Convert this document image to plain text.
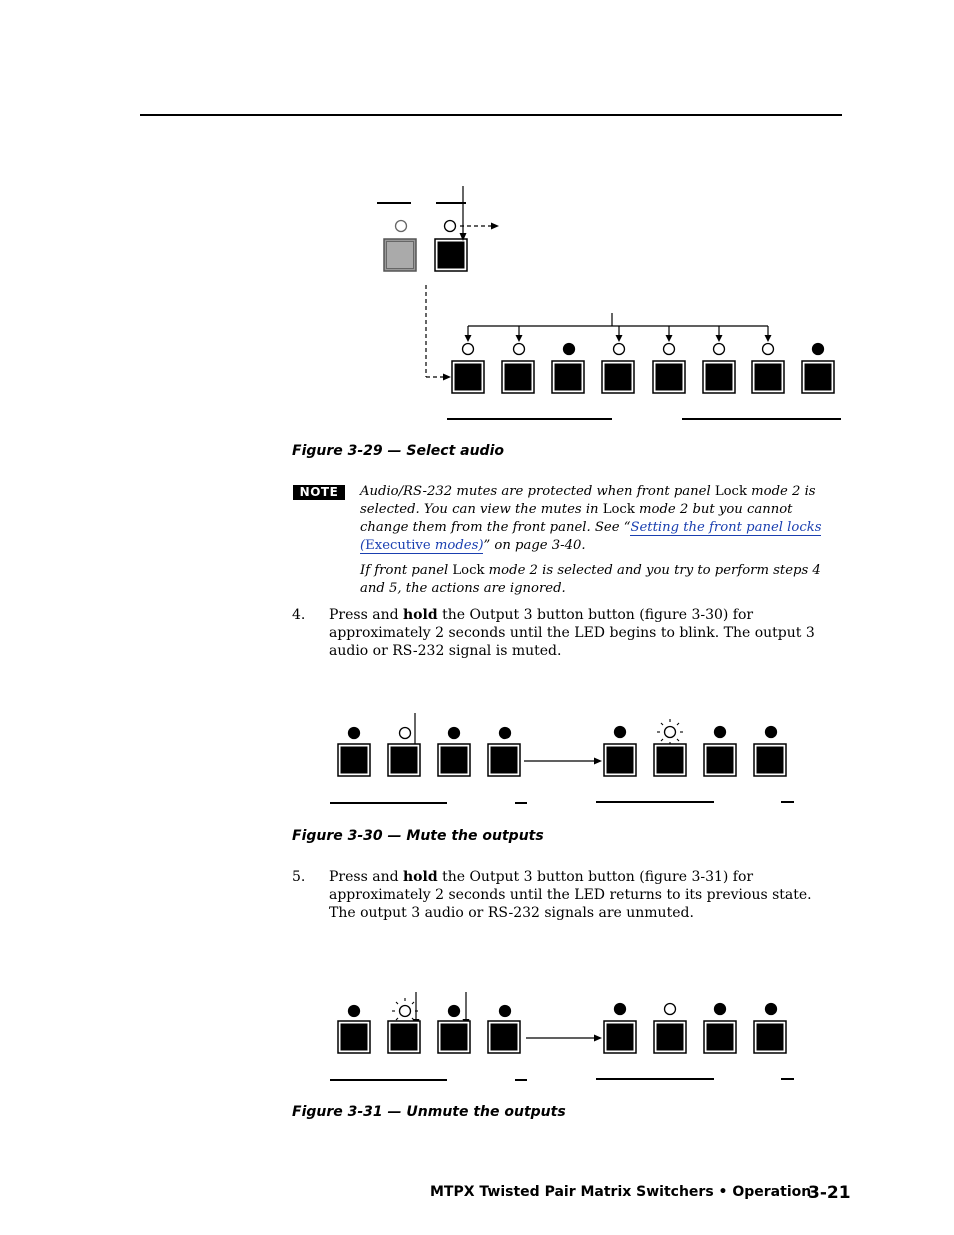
Figure 3-29 — Select audio
NOTE	Audio/RS-232 mutes are protected when front panel Lock mode 2 is selected. You can view the mutes in Lock mode 2 but you cannot change them from the front panel. See “Setting the front panel locks (Executive modes)” on page 3-40.
If front panel Lock mode 2 is selected and you try to perform steps 4 and 5, the actions are ignored.
4. Press and hold the Output 3 button button (figure 3-30) for approximately 2 seconds until the LED begins to blink. The output 3 audio or RS-232 signal is muted.
Figure 3-30 — Mute the outputs
5. Press and hold the Output 3 button button (figure 3-31) for approximately 2 seconds until the LED returns to its previous state. The output 3 audio or RS-232 signals are unmuted.
Figure 3-31 — Unmute the outputs
MTPX Twisted Pair Matrix Switchers • Operation
3-21
